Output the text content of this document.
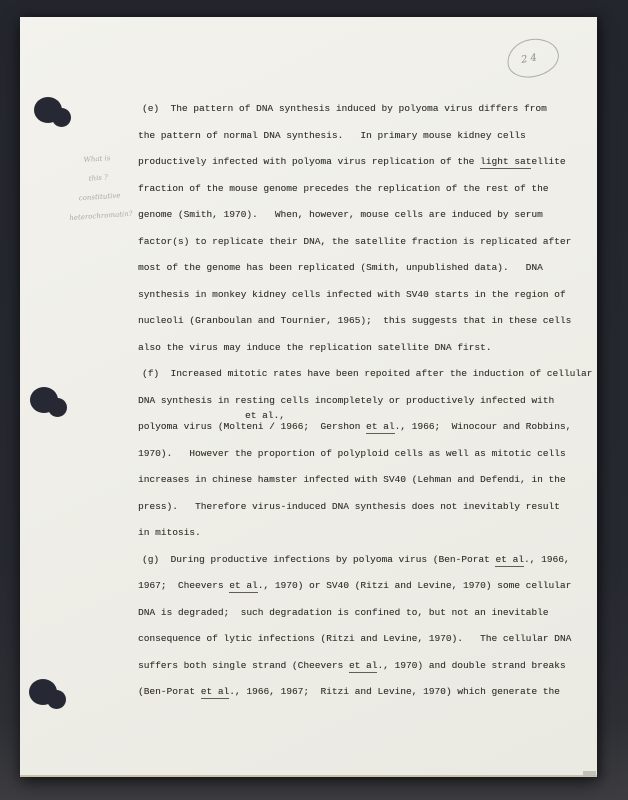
24
What is
this ?
constitutive
heterochromatin?
(e)  The pattern of DNA synthesis induced by polyoma virus differs from
the pattern of normal DNA synthesis.   In primary mouse kidney cells
productively infected with polyoma virus replication of the light satellite
fraction of the mouse genome precedes the replication of the rest of the
genome (Smith, 1970).   When, however, mouse cells are induced by serum
factor(s) to replicate their DNA, the satellite fraction is replicated after
most of the genome has been replicated (Smith, unpublished data).   DNA
synthesis in monkey kidney cells infected with SV40 starts in the region of
nucleoli (Granboulan and Tournier, 1965);  this suggests that in these cells
also the virus may induce the replication satellite DNA first.
(f)  Increased mitotic rates have been repoited after the induction of cellular
DNA synthesis in resting cells incompletely or productively infected with
et al.,
polyoma virus (Molteni / 1966;  Gershon et al., 1966;  Winocour and Robbins,
1970).   However the proportion of polyploid cells as well as mitotic cells
increases in chinese hamster infected with SV40 (Lehman and Defendi, in the
press).   Therefore virus-induced DNA synthesis does not inevitably result
in mitosis.
(g)  During productive infections by polyoma virus (Ben-Porat et al., 1966,
1967;  Cheevers et al., 1970) or SV40 (Ritzi and Levine, 1970) some cellular
DNA is degraded;  such degradation is confined to, but not an inevitable
consequence of lytic infections (Ritzi and Levine, 1970).   The cellular DNA
suffers both single strand (Cheevers et al., 1970) and double strand breaks
(Ben-Porat et al., 1966, 1967;  Ritzi and Levine, 1970) which generate the
